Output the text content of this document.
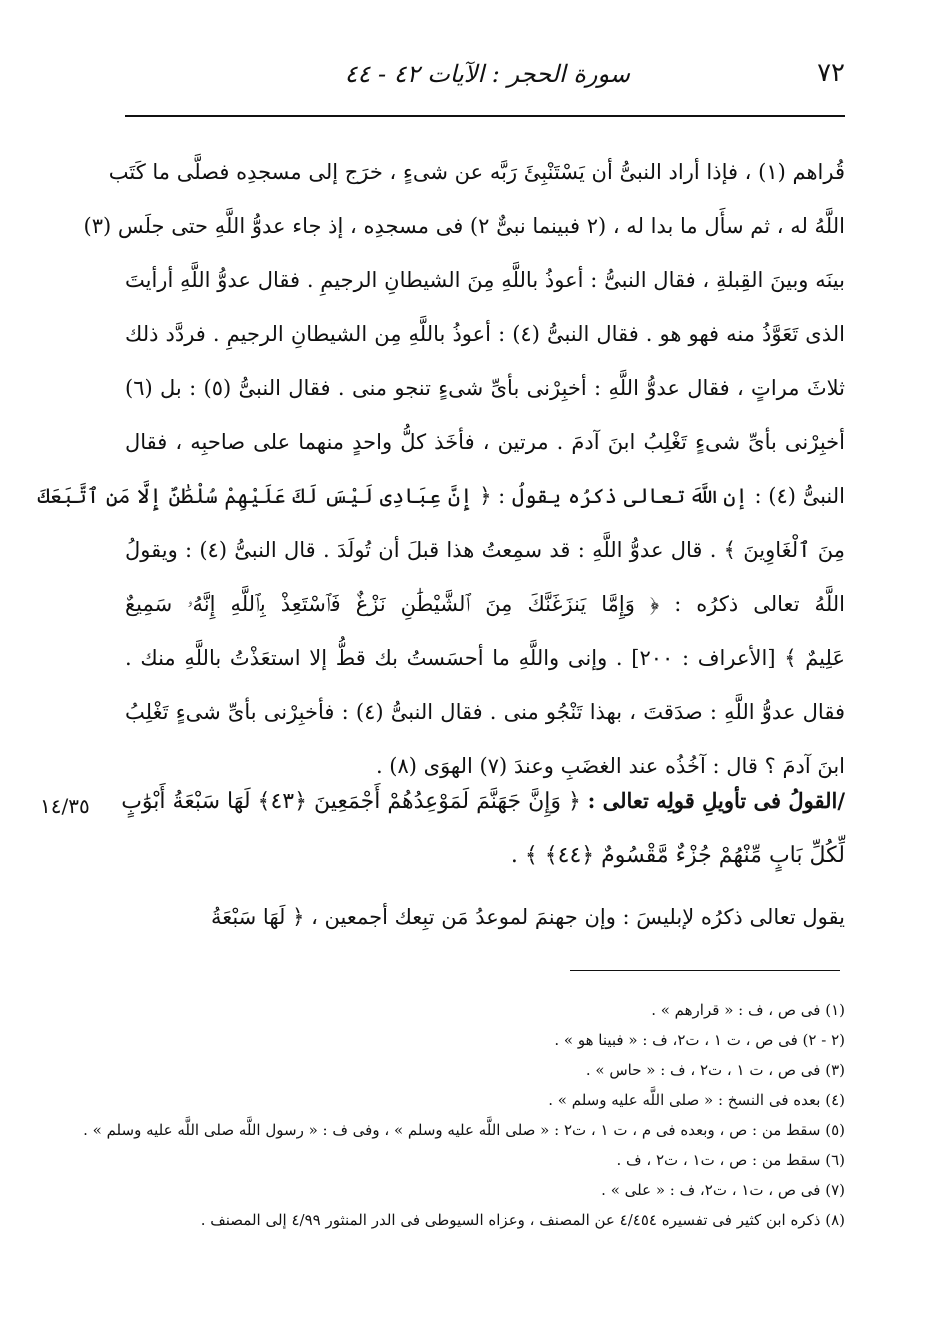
٧٢
سورة الحجر : الآيات ٤٢ - ٤٤
قُراهم (١) ، فإذا أراد النبىُّ أن يَسْتَنْبِئَ رَبَّه عن شىءٍ ، خرَج إلى مسجدِه فصلَّى ما كَتَب
اللَّهُ له ، ثم سأَل ما بدا له ، (٢ فبينما نبىٌّ ٢) فى مسجدِه ، إذ جاء عدوُّ اللَّهِ حتى جلَس (٣)
بينَه وبينَ القِبلةِ ، فقال النبىُّ : أعوذُ باللَّهِ مِنَ الشيطانِ الرجيمِ . فقال عدوُّ اللَّهِ أرأيتَ
الذى تَعَوَّذُ منه فهو هو . فقال النبىُّ (٤) : أعوذُ باللَّهِ مِن الشيطانِ الرجيمِ . فردَّد ذلك
ثلاثَ مراتٍ ، فقال عدوُّ اللَّهِ : أخبِرْنى بأىِّ شىءٍ تنجو منى . فقال النبىُّ (٥) : بل (٦)
أخبِرْنى بأىِّ شىءٍ تَغْلِبُ ابنَ آدمَ . مرتين ، فأخَذ كلُّ واحدٍ منهما على صاحبِه ، فقال
النبىُّ (٤) : إن اللَّهَ تعالى ذكرُه يقولُ : ﴿ إِنَّ عِبَادِى لَيْسَ لَكَ عَلَيْهِمْ سُلْطَٰنٌ إِلَّا مَنِ ٱتَّبَعَكَ
مِنَ ٱلْغَاوِينَ ﴾ . قال عدوُّ اللَّهِ : قد سمِعتُ هذا قبلَ أن تُولَدَ . قال النبىُّ (٤) : ويقولُ
اللَّهُ تعالى ذكرُه : ﴿ وَإِمَّا يَنزَغَنَّكَ مِنَ ٱلشَّيْطَٰنِ نَزْغٌ فَٱسْتَعِذْ بِٱللَّهِ إِنَّهُۥ سَمِيعٌ
عَلِيمٌ ﴾ [الأعراف : ٢٠٠] . وإنى واللَّهِ ما أحسَستُ بك قطُّ إلا استعَذْتُ باللَّهِ منك .
فقال عدوُّ اللَّهِ : صدَقتَ ، بهذا تَنْجُو منى . فقال النبىُّ (٤) : فأخبِرْنى بأىِّ شىءٍ تَغْلِبُ
ابنَ آدمَ ؟ قال : آخُذُه عند الغضَبِ وعندَ (٧) الهوَى (٨) .
١٤/٣٥	/القولُ فى تأويلِ قولِه تعالى : ﴿ وَإِنَّ جَهَنَّمَ لَمَوْعِدُهُمْ أَجْمَعِينَ ﴿٤٣﴾ لَهَا سَبْعَةُ أَبْوَٰبٍ
لِّكُلِّ بَابٍ مِّنْهُمْ جُزْءٌ مَّقْسُومٌ ﴿٤٤﴾ ﴾ .
يقول تعالى ذكرُه لإبليسَ : وإن جهنمَ لموعدُ مَن تبِعك أجمعين ، ﴿ لَهَا سَبْعَةُ
(١) فى ص ، ف : « قرارهم » .
(٢ - ٢) فى ص ، ت ١ ، ت٢، ف : « فبينا هو » .
(٣) فى ص ، ت ١ ، ت٢ ، ف : « حاس » .
(٤) بعده فى النسخ : « صلى اللَّه عليه وسلم » .
(٥) سقط من : ص ، وبعده فى م ، ت ١ ، ت٢ : « صلى اللَّه عليه وسلم » ، وفى ف : « رسول اللَّه صلى اللَّه عليه وسلم » .
(٦) سقط من : ص ، ت١ ، ت٢ ، ف .
(٧) فى ص ، ت١ ، ت٢، ف : « على » .
(٨) ذكره ابن كثير فى تفسيره ٤/٤٥٤ عن المصنف ، وعزاه السيوطى فى الدر المنثور ٤/٩٩ إلى المصنف .
